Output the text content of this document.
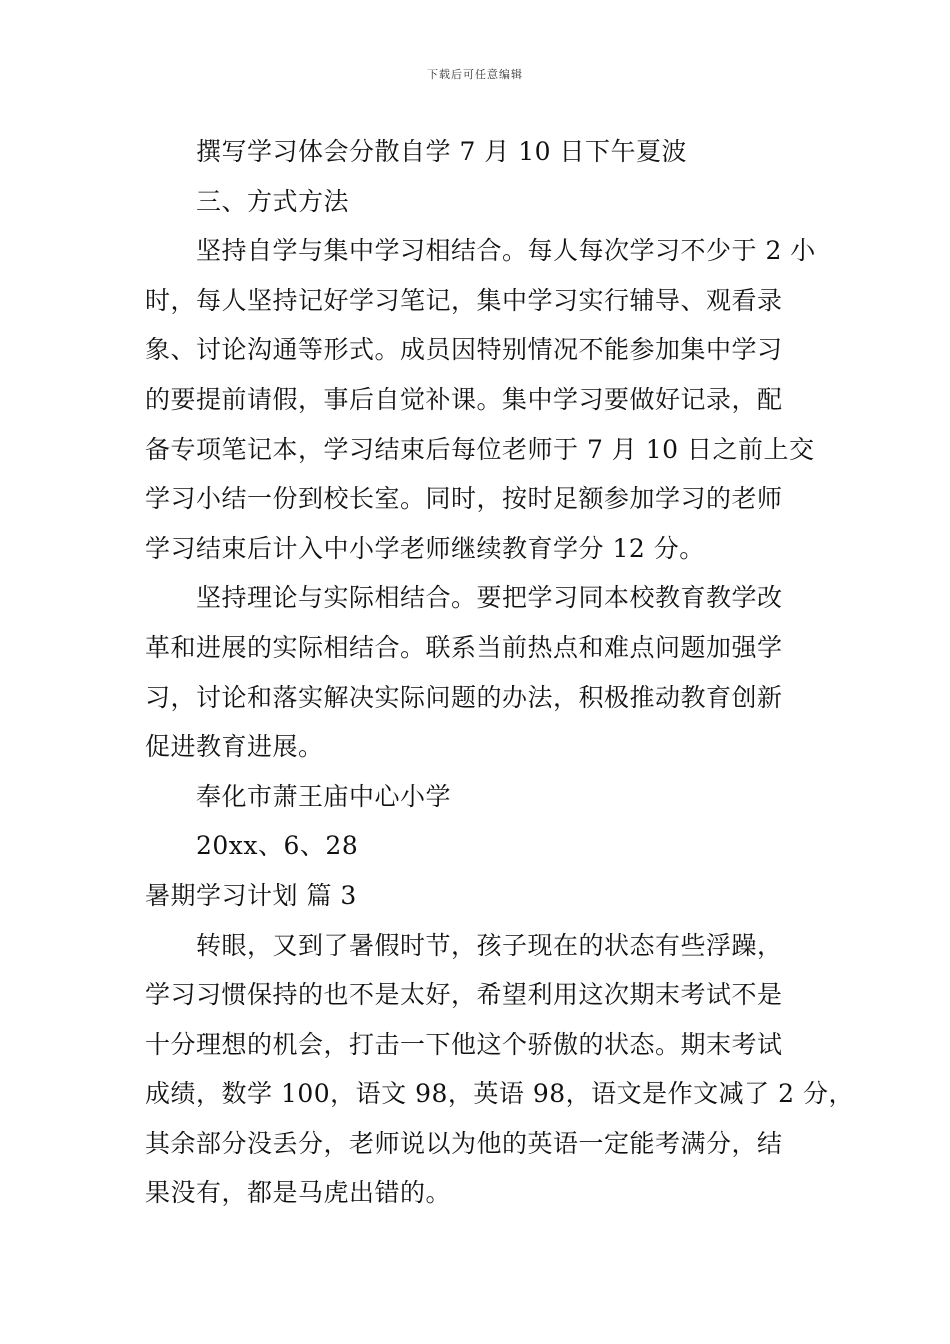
下载后可任意编辑
撰写学习体会分散自学 7 月 10 日下午夏波
三、方式方法
坚持自学与集中学习相结合。每人每次学习不少于 2 小
时，每人坚持记好学习笔记，集中学习实行辅导、观看录
象、讨论沟通等形式。成员因特别情况不能参加集中学习
的要提前请假，事后自觉补课。集中学习要做好记录，配
备专项笔记本，学习结束后每位老师于 7 月 10 日之前上交
学习小结一份到校长室。同时，按时足额参加学习的老师
学习结束后计入中小学老师继续教育学分 12 分。
坚持理论与实际相结合。要把学习同本校教育教学改
革和进展的实际相结合。联系当前热点和难点问题加强学
习，讨论和落实解决实际问题的办法，积极推动教育创新
促进教育进展。
奉化市萧王庙中心小学
20xx、6、28
暑期学习计划 篇 3
转眼，又到了暑假时节，孩子现在的状态有些浮躁，
学习习惯保持的也不是太好，希望利用这次期末考试不是
十分理想的机会，打击一下他这个骄傲的状态。期末考试
成绩，数学 100，语文 98，英语 98，语文是作文减了 2 分，
其余部分没丢分，老师说以为他的英语一定能考满分，结
果没有，都是马虎出错的。
